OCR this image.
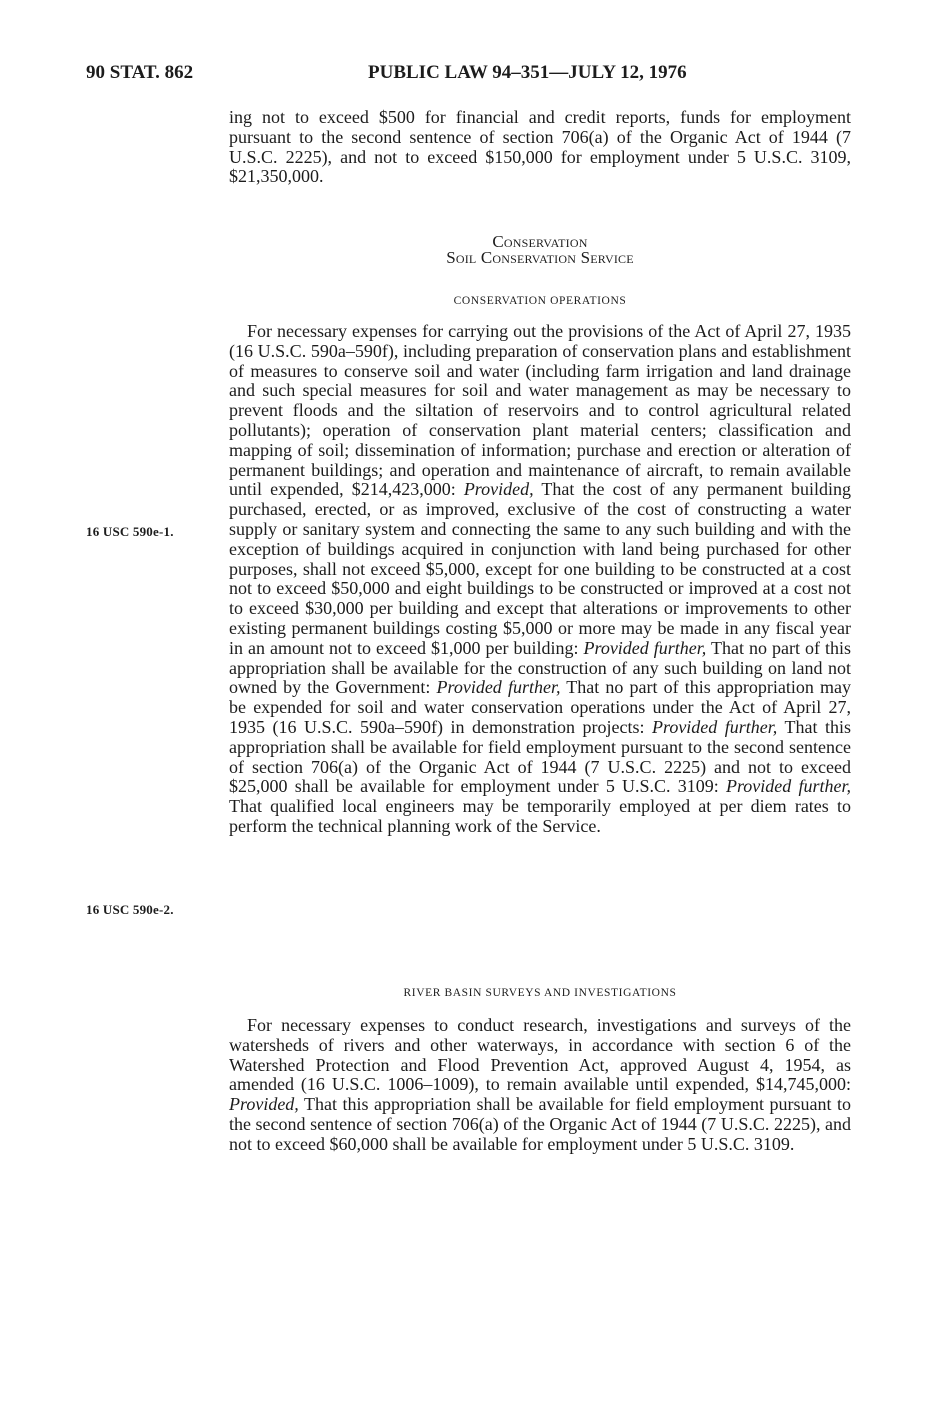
90 STAT. 862	PUBLIC LAW 94–351—JULY 12, 1976

ing not to exceed $500 for financial and credit reports, funds for employment pursuant to the second sentence of section 706(a) of the Organic Act of 1944 (7 U.S.C. 2225), and not to exceed $150,000 for employment under 5 U.S.C. 3109, $21,350,000.

Conservation

Soil Conservation Service

CONSERVATION OPERATIONS

For necessary expenses for carrying out the provisions of the Act of April 27, 1935 (16 U.S.C. 590a–590f), including preparation of conservation plans and establishment of measures to conserve soil and water (including farm irrigation and land drainage and such special measures for soil and water management as may be necessary to prevent floods and the siltation of reservoirs and to control agricultural related pollutants); operation of conservation plant material centers; classification and mapping of soil; dissemination of information; purchase and erection or alteration of permanent buildings; and operation and maintenance of aircraft, to remain available until expended, $214,423,000: Provided, That the cost of any permanent building purchased, erected, or as improved, exclusive of the cost of constructing a water supply or sanitary system and connecting the same to any such building and with the exception of buildings acquired in conjunction with land being purchased for other purposes, shall not exceed $5,000, except for one building to be constructed at a cost not to exceed $50,000 and eight buildings to be constructed or improved at a cost not to exceed $30,000 per building and except that alterations or improvements to other existing permanent buildings costing $5,000 or more may be made in any fiscal year in an amount not to exceed $1,000 per building: Provided further, That no part of this appropriation shall be available for the construction of any such building on land not owned by the Government: Provided further, That no part of this appropriation may be expended for soil and water conservation operations under the Act of April 27, 1935 (16 U.S.C. 590a–590f) in demonstration projects: Provided further, That this appropriation shall be available for field employment pursuant to the second sentence of section 706(a) of the Organic Act of 1944 (7 U.S.C. 2225) and not to exceed $25,000 shall be available for employment under 5 U.S.C. 3109: Provided further, That qualified local engineers may be temporarily employed at per diem rates to perform the technical planning work of the Service.

16 USC 590e-1.
16 USC 590e-2.

RIVER BASIN SURVEYS AND INVESTIGATIONS

For necessary expenses to conduct research, investigations and surveys of the watersheds of rivers and other waterways, in accordance with section 6 of the Watershed Protection and Flood Prevention Act, approved August 4, 1954, as amended (16 U.S.C. 1006–1009), to remain available until expended, $14,745,000: Provided, That this appropriation shall be available for field employment pursuant to the second sentence of section 706(a) of the Organic Act of 1944 (7 U.S.C. 2225), and not to exceed $60,000 shall be available for employment under 5 U.S.C. 3109.
